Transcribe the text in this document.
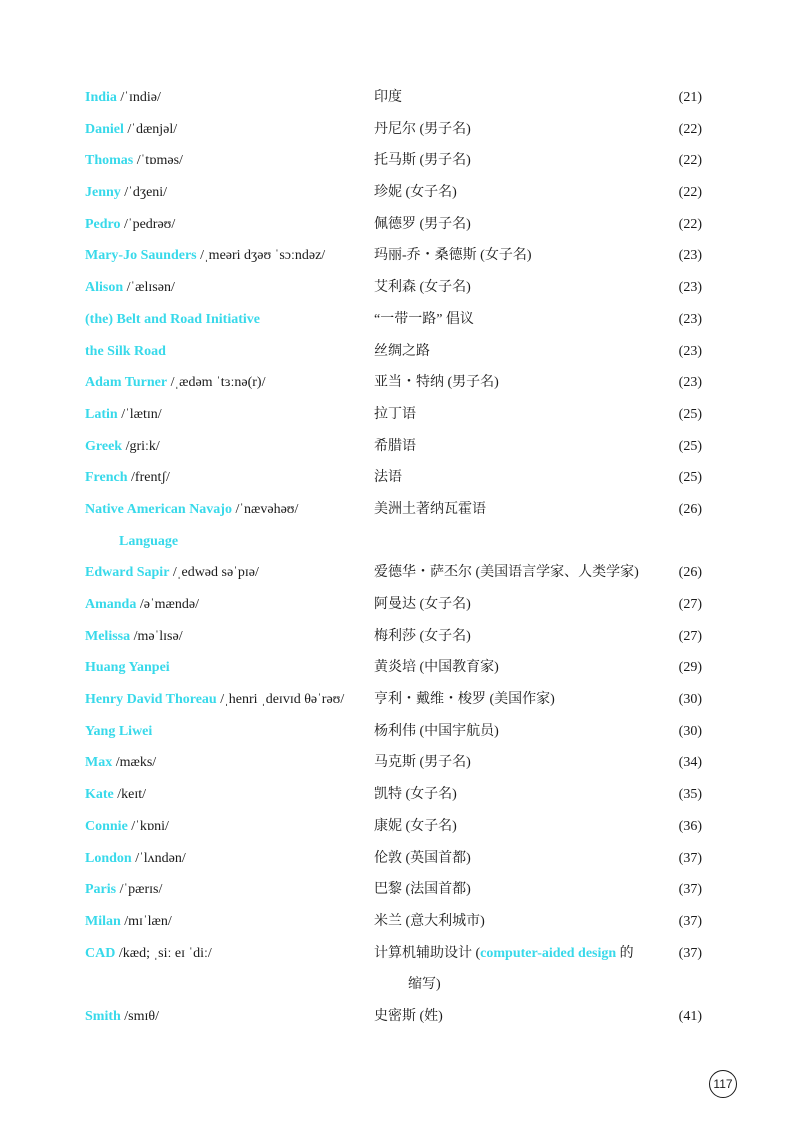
India /ˈɪndiə/	印度	(21)
Daniel /ˈdænjəl/	丹尼尔 (男子名)	(22)
Thomas /ˈtɒməs/	托马斯 (男子名)	(22)
Jenny /ˈdʒeni/	珍妮 (女子名)	(22)
Pedro /ˈpedrəʊ/	佩德罗 (男子名)	(22)
Mary-Jo Saunders /ˌmeəri dʒəʊ ˈsɔːndəz/	玛丽-乔・桑德斯 (女子名)	(23)
Alison /ˈælɪsən/	艾利森 (女子名)	(23)
(the) Belt and Road Initiative	“一带一路” 倡议	(23)
the Silk Road	丝绸之路	(23)
Adam Turner /ˌædəm ˈtɜːnə(r)/	亚当・特纳 (男子名)	(23)
Latin /ˈlætɪn/	拉丁语	(25)
Greek /griːk/	希腊语	(25)
French /frentʃ/	法语	(25)
Native American Navajo /ˈnævəhəʊ/	美洲土著纳瓦霍语	(26)
Language
Edward Sapir /ˌedwəd səˈpɪə/	爱德华・萨丕尔 (美国语言学家、人类学家)	(26)
Amanda /əˈmændə/	阿曼达 (女子名)	(27)
Melissa /məˈlɪsə/	梅利莎 (女子名)	(27)
Huang Yanpei	黄炎培 (中国教育家)	(29)
Henry David Thoreau /ˌhenri ˌdeɪvɪd θəˈrəʊ/ 亨利・戴维・梭罗 (美国作家)	(30)
Yang Liwei	杨利伟 (中国宇航员)	(30)
Max /mæks/	马克斯 (男子名)	(34)
Kate /keɪt/	凯特 (女子名)	(35)
Connie /ˈkɒni/	康妮 (女子名)	(36)
London /ˈlʌndən/	伦敦 (英国首都)	(37)
Paris /ˈpærɪs/	巴黎 (法国首都)	(37)
Milan /mɪˈlæn/	米兰 (意大利城市)	(37)
CAD /kæd; ˌsiː eɪ ˈdiː/	计算机辅助设计 (computer-aided design 的	(37)
缩写)
Smith /smɪθ/	史密斯 (姓)	(41)
117
